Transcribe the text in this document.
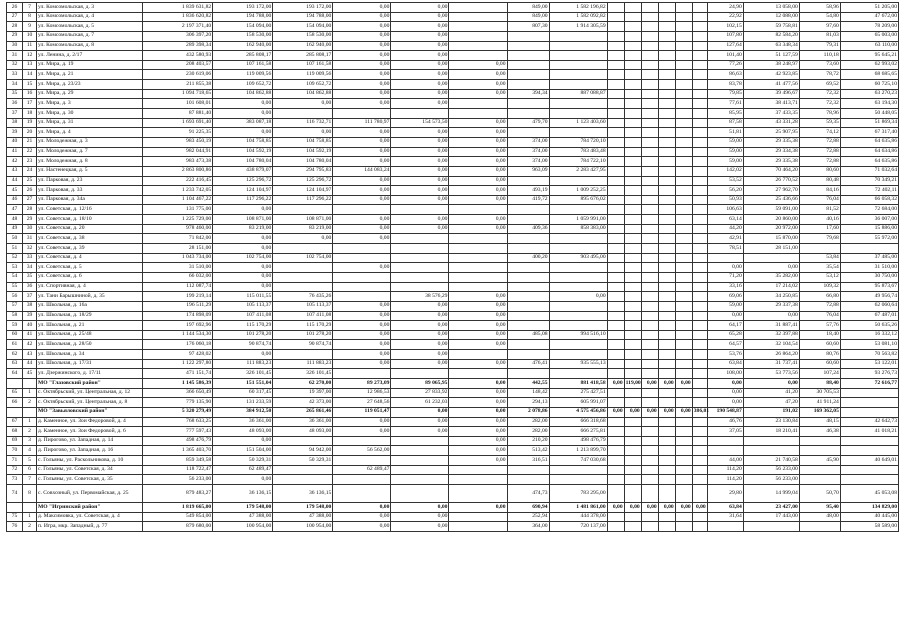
26	7	ул. Комсомольская, д. 3	1 839 631,82	193 172,00	193 172,00	0,00	0,00		849,00	1 582 196,82							24,90	13 058,00	58,96	51 205,00
27	8	ул. Комсомольская, д. 4	1 836 620,82	194 788,00	194 788,00	0,00	0,00		849,00	1 582 092,82							22,92	12 088,00	54,80	47 672,00
28	9	ул. Комсомольская, д. 5	2 197 371,40	154 094,00	154 094,00	0,00	0,00		807,30	1 914 305,59							102,15	59 758,81	97,60	78 209,00
29	10	ул. Комсомольская, д. 7	306 397,20	158 530,00	158 530,00	0,00	0,00										107,80	82 584,20	81,03	65 003,00
30	11	ул. Комсомольская, д. 8	289 398,34	162 940,00	162 940,00	0,00	0,00										127,64	63 348,34	79,31	63 110,00
31	12	ул. Ленина, д. 2/17	432 580,93	285 808,17	285 808,17	0,00	0,00										101,40	51 127,59	110,18	95 645,21
32	13	ул. Мира, д. 19	208 403,57	107 161,58	107 161,58	0,00	0,00	0,00									77,26	38 248,97	73,60	62 993,02
33	14	ул. Мира, д. 21	230 619,06	119 009,56	119 009,56	0,00	0,00	0,00									86,63	42 923,85	78,72	68 685,65
34	15	ул. Мира, д. 23/23	211 855,38	109 652,72	109 652,72	0,00	0,00	0,00									83,78	41 477,56	69,52	60 725,10
35	16	ул. Мира, д. 29	1 094 718,65	104 862,88	104 862,88	0,00	0,00	0,00	394,34	887 088,87							79,85	39 496,67	72,32	63 270,23
36	17	ул. Мира, д. 3	101 608,01	0,00	0,00	0,00	0,00										77,61	38 413,71	72,32	63 194,30
37	18	ул. Мира, д. 30	87 881,40	0,00													85,95	37 433,35	78,96	50 448,05
38	19	ул. Мира, д. 31	1 693 691,40	383 087,18	116 732,71	111 780,97	154 573,50	0,00	479,70	1 123 403,60							87,58	43 331,28	59,35	51 869,34
39	20	ул. Мира, д. 4	91 225,35	0,00	0,00	0,00	0,00	0,00									51,81	25 907,95	74,12	67 317,40
40	21	ул. Молодежная, д. 3	983 450,19	104 758,85	104 758,85	0,00	0,00	0,00	374,00	784 720,10							59,00	29 335,38	72,88	64 635,86
41	22	ул. Молодежная, д. 7	982 044,91	104 592,19	104 592,19	0,00	0,00	0,00	374,00	783 483,48							59,00	29 334,38	72,88	64 634,86
42	23	ул. Молодежная, д. 8	983 473,38	104 780,04	104 780,04	0,00	0,00	0,00	374,00	784 722,10							59,00	29 335,38	72,88	64 635,86
43	24	ул. Настенецкая, д. 5	2 863 800,86	438 879,07	294 795,83	144 083,24	0,00	0,00	963,09	2 283 427,95							142,02	70 464,20	80,60	71 032,64
44	25	ул. Парковая, д. 23	222 416,45	125 296,72	125 296,72	0,00	0,00	0,00									53,52	26 770,52	80,48	70 349,21
45	26	ул. Парковая, д. 33	1 233 742,05	124 104,97	124 104,97	0,00	0,00	0,00	493,19	1 009 252,25							56,20	27 962,70	84,16	72 402,11
46	27	ул. Парковая, д. 34а	1 104 467,22	117 296,22	117 296,22	0,00	0,00	0,00	419,72	895 676,02							50,93	25 436,66	76,04	66 058,32
47	28	ул. Советская, д. 12/16	131 775,00	0,00													106,63	59 091,00	81,52	72 684,00
48	29	ул. Советская, д. 18/10	1 225 729,00	108 871,00	108 871,00	0,00	0,00	0,00		1 059 991,00							63,14	20 860,00	40,16	36 007,00
49	30	ул. Советская, д. 20	978 460,00	83 219,00	83 219,00	0,00	0,00	0,00	409,36	858 383,00							44,20	20 972,00	17,60	15 886,00
50	31	ул. Советская, д. 38	71 842,00	0,00	0,00	0,00											42,91	15 870,00	79,68	55 972,00
51	32	ул. Советская, д. 39	28 151,00	0,00													78,51	28 151,00		
52	33	ул. Советская, д. 4	1 043 734,00	102 754,00	102 754,00				400,20	903 495,00									53,84	37 485,00
53	34	ул. Советская, д. 5	31 510,00	0,00		0,00											0,00	0,00	35,54	31 510,00
54	35	ул. Советская, д. 6	66 032,00	0,00													71,20	35 282,00	53,12	30 750,00
55	36	ул. Спортивная, д. 4	112 087,74	0,00													33,16	17 214,02	109,32	95 873,67
56	37	ул. Тани Барышниной, д. 35	199 219,14	115 011,55	76 435,26		38 576,29	0,00		0,00							69,06	34 250,85	66,80	49 956,74
57	38	ул. Школьная, д. 16а	196 511,29	105 113,37	105 113,37	0,00	0,00	0,00									59,00	29 337,38	72,88	62 060,64
58	39	ул. Школьная, д. 18/29	174 898,09	107 411,08	107 411,08	0,00	0,00	0,00									0,00	0,00	76,04	67 487,01
59	40	ул. Школьная, д. 21	197 692,96	115 170,29	115 170,29	0,00	0,00	0,00									64,17	31 887,41	57,76	50 635,26
60	41	ул. Школьная, д. 25/48	1 144 534,30	101 278,20	101 278,20	0,00	0,00	0,00	485,08	994 516,10							65,28	32 397,88	18,40	16 332,12
61	42	ул. Школьная, д. 28/50	176 060,18	90 874,74	90 874,74	0,00	0,00	0,00									64,57	32 104,54	60,60	53 081,10
62	43	ул. Школьная, д. 34	97 428,02	0,00		0,00	0,00										53,76	26 864,20	80,76	70 563,82
63	44	ул. Школьная, д. 17/31	1 122 297,80	111 883,23	111 883,23	0,00	0,00	0,00	476,41	935 555,13							63,84	31 737,41	60,60	53 122,01
64	45	ул. Дзержинского, д. 17/11	471 151,74	326 101,45	326 101,45												108,00	53 773,56	107,24	93 276,73
		МО "Глазовский район"	1 145 586,39	151 551,04	62 270,00	89 273,09	89 065,95	0,00	442,55	881 418,58	0,00	119,00	0,00	0,00	0,00		0,00	0,00	88,40	72 616,77
65	1	с. Октябрьский, ул. Центральная, д. 12	366 650,49	60 317,45	19 397,00	12 986,53	27 833,92	0,00	148,42	275 427,51							0,00	41,20	30 705,53	
66	2	с. Октябрьский, ул. Центральная, д. 8	779 135,90	131 233,59	42 373,00	27 648,56	61 232,03	0,00	294,13	605 991,07							0,00	47,20	41 911,24	
		МО "Завьяловский район"	5 320 279,49	384 912,50	265 861,46	119 051,47	0,00	0,00	2 078,86	4 575 456,86	0,00	0,00	0,00	0,00	0,00	386,01	190 548,87	191,02	169 362,05	
67	1	д. Каменное, ул. Зои Федоровой, д. 4	768 633,25	36 361,00	36 361,00	0,00	0,00	0,00	282,00	666 318,68							46,76	23 130,84	48,15	42 642,73
68	2	д. Каменное, ул. Зои Федоровой, д. 6	777 597,43	48 093,00	48 093,00	0,00	0,00	0,00	282,00	666 275,81							37,05	18 210,41	46,38	41 018,21
69	3	д. Пирогово, ул. Западная, д. 14	498 476,79	0,00				0,00	210,20	498 476,79										
70	4	д. Пирогово, ул. Западная, д. 16	1 365 403,70	151 504,00	94 942,00	56 562,00		0,00	513,42	1 213 899,70										
71	5	с. Гольяны, ул. Раскольникова, д. 10	859 349,58	50 329,31	50 329,31			0,00	316,51	747 030,68							44,00	21 740,58	45,90	40 649,01
72	6	с. Гольяны, ул. Советская, д. 34	118 722,47	62 489,47		62 489,47											114,20	56 233,00		
73	7	с. Гольяны, ул. Советская, д. 35	56 233,00	0,00													114,20	56 233,00		
74	8	с. Совхозный, ул. Первомайская, д. 25	879 483,27	36 136,15	36 136,15				474,73	783 295,00							29,80	14 999,04	50,70	45 053,08
		МО "Игринский район"	1 819 665,00	179 548,00	179 548,00	0,00	0,00	0,00	690,94	1 481 861,00	0,00	0,00	0,00	0,00	0,00	0,00	63,84	23 427,00	95,40	134 829,00
75	1	д. Максимовка, ул. Советская, д. 4	549 854,00	47 388,00	47 388,00	0,00	0,00		252,94	444 378,00							31,64	17 443,00	48,00	40 445,00
76	2	п. Игра, мкр. Западный, д. 77	879 680,00	100 954,00	100 954,00	0,00	0,00		364,00	720 137,00										58 589,00
